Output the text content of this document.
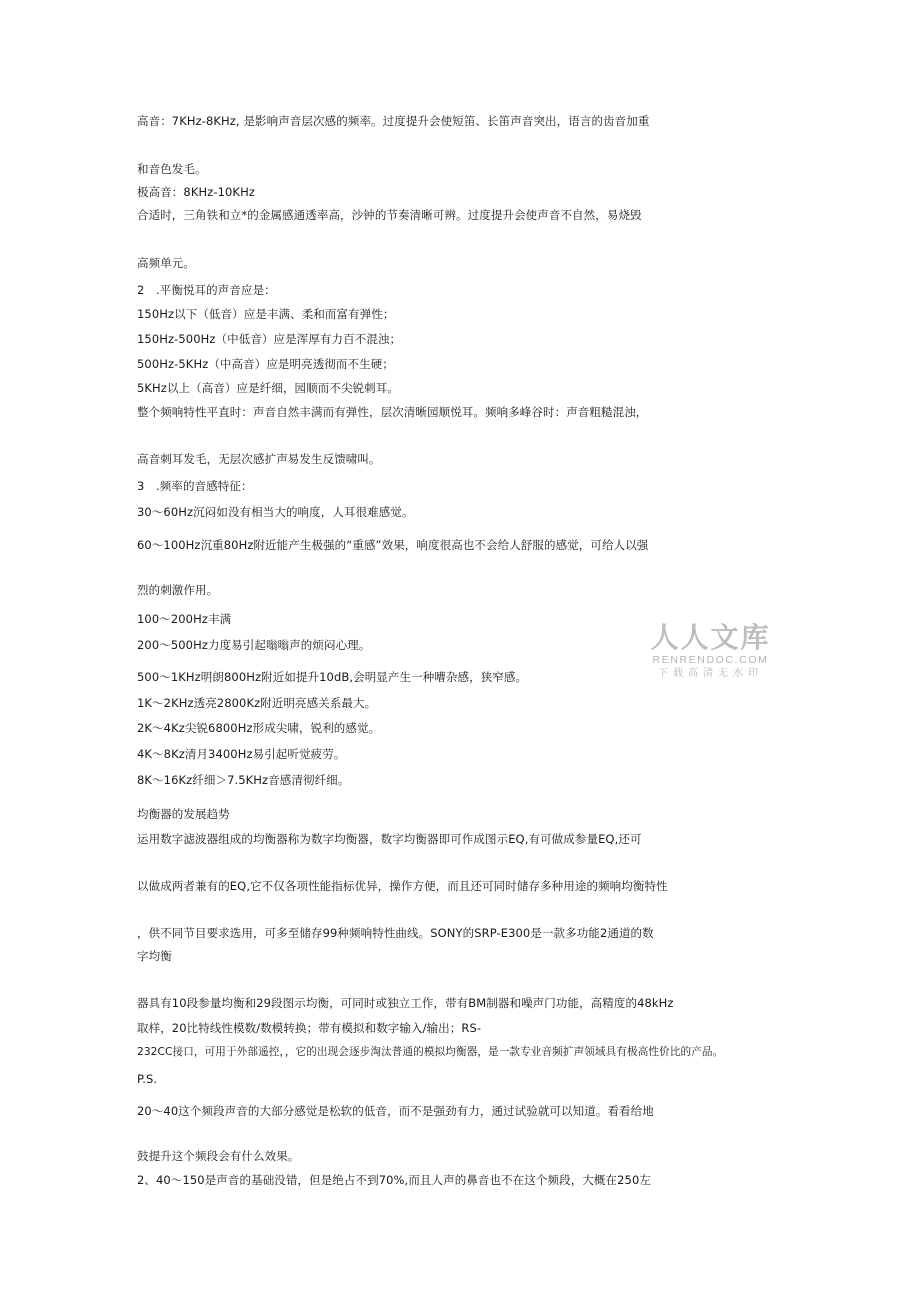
高音：7KHz-8KHz, 是影响声音层次感的频率。过度提升会使短笛、长笛声音突出，语言的齿音加重
和音色发毛。
极高音：8KHz-10KHz
合适时，三角铁和立*的金属感通透率高，沙钟的节奏清晰可辨。过度提升会使声音不自然，易烧毁
高频单元。
2　.平衡悦耳的声音应是：
150Hz以下（低音）应是丰满、柔和而富有弹性；
150Hz-500Hz（中低音）应是浑厚有力百不混浊；
500Hz-5KHz（中高音）应是明亮透彻而不生硬；
5KHz以上（高音）应是纤细，园顺而不尖锐刺耳。
整个频响特性平直时：声音自然丰满而有弹性，层次清晰园顺悦耳。频响多峰谷时：声音粗糙混浊，
高音刺耳发毛，无层次感扩声易发生反馈啸叫。
3　.频率的音感特征：
30～60Hz沉闷如没有相当大的响度，人耳很难感觉。
60～100Hz沉重80Hz附近能产生极强的“重感”效果，响度很高也不会给人舒服的感觉，可给人以强
烈的刺激作用。
100～200Hz丰满
200～500Hz力度易引起嗡嗡声的烦闷心理。
500～1KHz明朗800Hz附近如提升10dB,会明显产生一种嘈杂感，狭窄感。
1K～2KHz透亮2800Kz附近明亮感关系最大。
2K～4Kz尖锐6800Hz形成尖啸，锐利的感觉。
4K～8Kz清月3400Hz易引起听觉疲劳。
8K～16Kz纤细＞7.5KHz音感清彻纤细。
均衡器的发展趋势
运用数字滤波器组成的均衡器称为数字均衡器，数字均衡器即可作成图示EQ,有可做成参量EQ,还可
以做成两者兼有的EQ,它不仅各项性能指标优异，操作方便，而且还可同时储存多种用途的频响均衡特性
，供不同节目要求选用，可多至储存99种频响特性曲线。SONY的SRP-E300是一款多功能2通道的数
字均衡
器具有10段参量均衡和29段图示均衡，可同时或独立工作，带有BM制器和噪声门功能，高精度的48kHz
取样，20比特线性模数/数模转换；带有模拟和数字输入/输出；RS-
232CC接口，可用于外部遥控，，它的出现会逐步淘汰普通的模拟均衡器，是一款专业音频扩声领域具有极高性价比的产品。
P.S.
20～40这个频段声音的大部分感觉是松软的低音，而不是强劲有力，通过试验就可以知道。看看给地
鼓提升这个频段会有什么效果。
2、40～150是声音的基础没错，但是绝占不到70%,而且人声的鼻音也不在这个频段，大概在250左
人人文库
RENRENDOC.COM
下载高清无水印
